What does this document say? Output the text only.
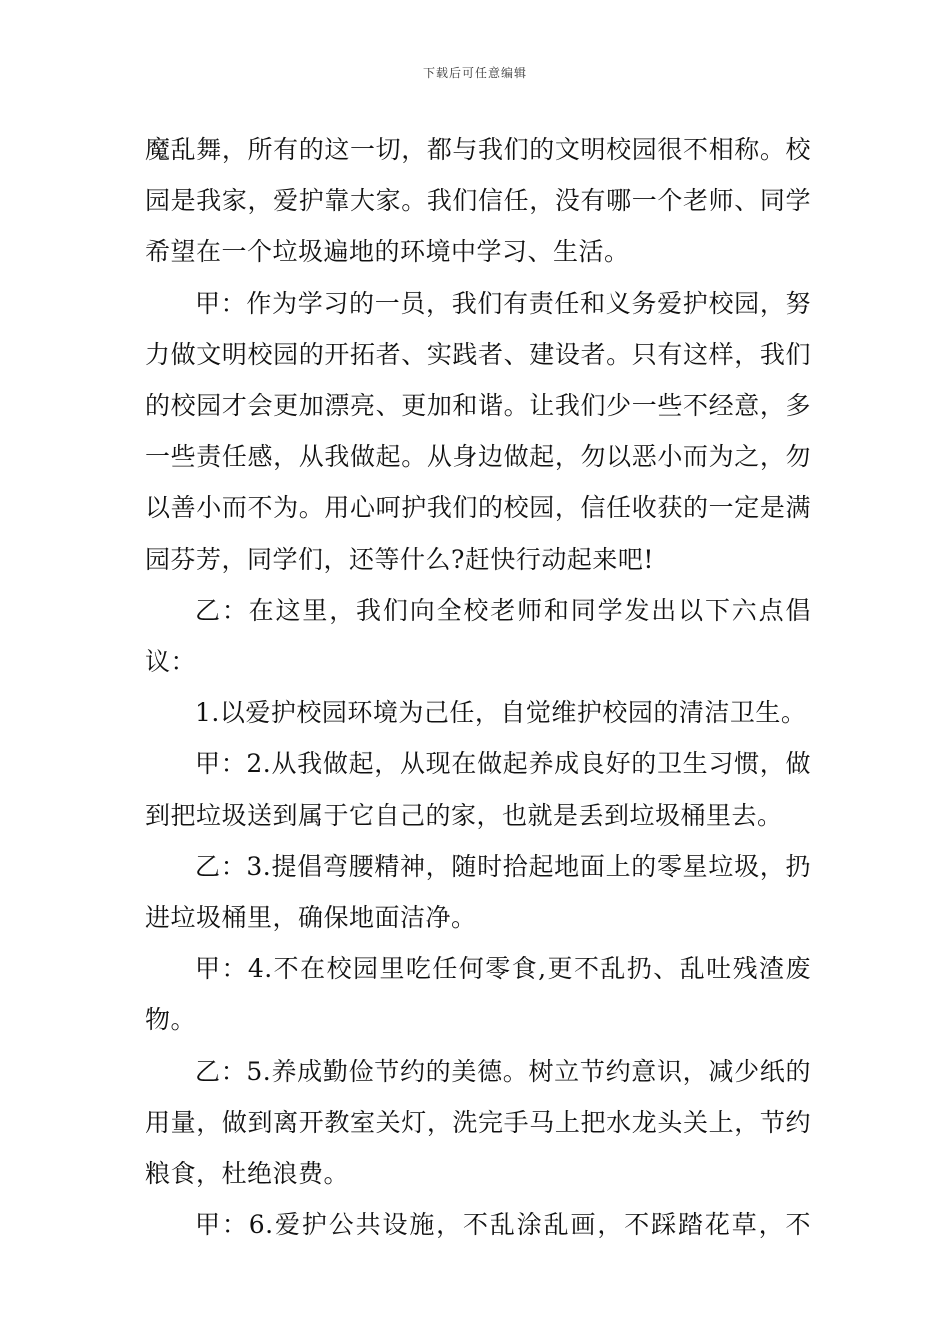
下载后可任意编辑

魔乱舞，所有的这一切，都与我们的文明校园很不相称。校园是我家，爱护靠大家。我们信任，没有哪一个老师、同学希望在一个垃圾遍地的环境中学习、生活。

甲：作为学习的一员，我们有责任和义务爱护校园，努力做文明校园的开拓者、实践者、建设者。只有这样，我们的校园才会更加漂亮、更加和谐。让我们少一些不经意，多一些责任感，从我做起。从身边做起，勿以恶小而为之，勿以善小而不为。用心呵护我们的校园，信任收获的一定是满园芬芳，同学们，还等什么?赶快行动起来吧!

乙：在这里，我们向全校老师和同学发出以下六点倡议：

1.以爱护校园环境为己任，自觉维护校园的清洁卫生。

甲：2.从我做起，从现在做起养成良好的卫生习惯，做到把垃圾送到属于它自己的家，也就是丢到垃圾桶里去。

乙：3.提倡弯腰精神，随时拾起地面上的零星垃圾，扔进垃圾桶里，确保地面洁净。

甲：4.不在校园里吃任何零食,更不乱扔、乱吐残渣废物。

乙：5.养成勤俭节约的美德。树立节约意识，减少纸的用量，做到离开教室关灯，洗完手马上把水龙头关上，节约粮食，杜绝浪费。

甲：6.爱护公共设施，不乱涂乱画，不踩踏花草，不
